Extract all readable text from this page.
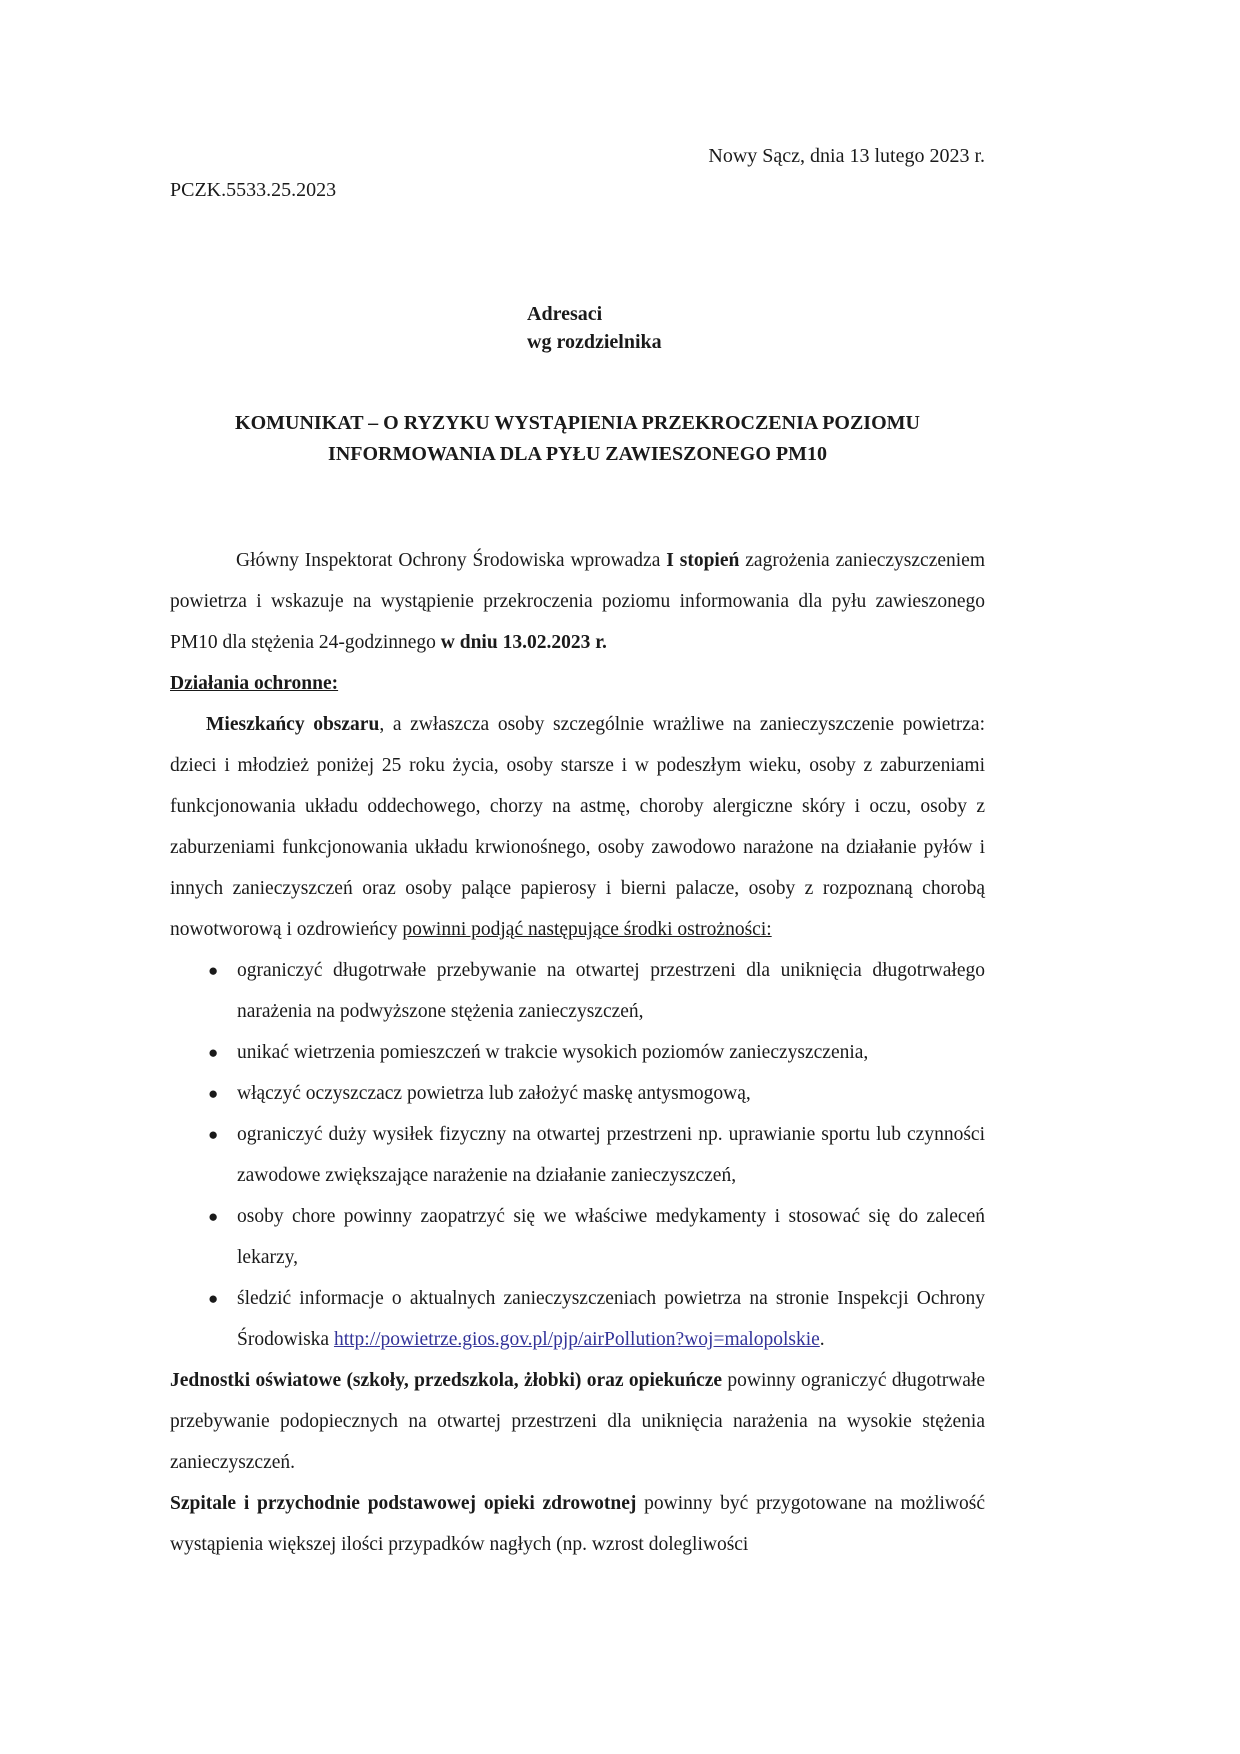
Nowy Sącz, dnia 13 lutego 2023 r.
PCZK.5533.25.2023
Adresaci
wg rozdzielnika
KOMUNIKAT – O RYZYKU WYSTĄPIENIA PRZEKROCZENIA POZIOMU
INFORMOWANIA DLA PYŁU ZAWIESZONEGO PM10

Główny Inspektorat Ochrony Środowiska wprowadza I stopień zagrożenia zanieczyszczeniem powietrza i wskazuje na wystąpienie przekroczenia poziomu informowania dla pyłu zawieszonego PM10 dla stężenia 24-godzinnego w dniu 13.02.2023 r.

Działania ochronne:

Mieszkańcy obszaru, a zwłaszcza osoby szczególnie wrażliwe na zanieczyszczenie powietrza: dzieci i młodzież poniżej 25 roku życia, osoby starsze i w podeszłym wieku, osoby z zaburzeniami funkcjonowania układu oddechowego, chorzy na astmę, choroby alergiczne skóry i oczu, osoby z zaburzeniami funkcjonowania układu krwionośnego, osoby zawodowo narażone na działanie pyłów i innych zanieczyszczeń oraz osoby palące papierosy i bierni palacze, osoby z rozpoznaną chorobą nowotworową i ozdrowieńcy powinni podjąć następujące środki ostrożności:

● ograniczyć długotrwałe przebywanie na otwartej przestrzeni dla uniknięcia długotrwałego narażenia na podwyższone stężenia zanieczyszczeń,

● unikać wietrzenia pomieszczeń w trakcie wysokich poziomów zanieczyszczenia,

● włączyć oczyszczacz powietrza lub założyć maskę antysmogową,

● ograniczyć duży wysiłek fizyczny na otwartej przestrzeni np. uprawianie sportu lub czynności zawodowe zwiększające narażenie na działanie zanieczyszczeń,

● osoby chore powinny zaopatrzyć się we właściwe medykamenty i stosować się do zaleceń lekarzy,

● śledzić informacje o aktualnych zanieczyszczeniach powietrza na stronie Inspekcji Ochrony Środowiska http://powietrze.gios.gov.pl/pjp/airPollution?woj=malopolskie.

Jednostki oświatowe (szkoły, przedszkola, żłobki) oraz opiekuńcze powinny ograniczyć długotrwałe przebywanie podopiecznych na otwartej przestrzeni dla uniknięcia narażenia na wysokie stężenia zanieczyszczeń.

Szpitale i przychodnie podstawowej opieki zdrowotnej powinny być przygotowane na możliwość wystąpienia większej ilości przypadków nagłych (np. wzrost dolegliwości
